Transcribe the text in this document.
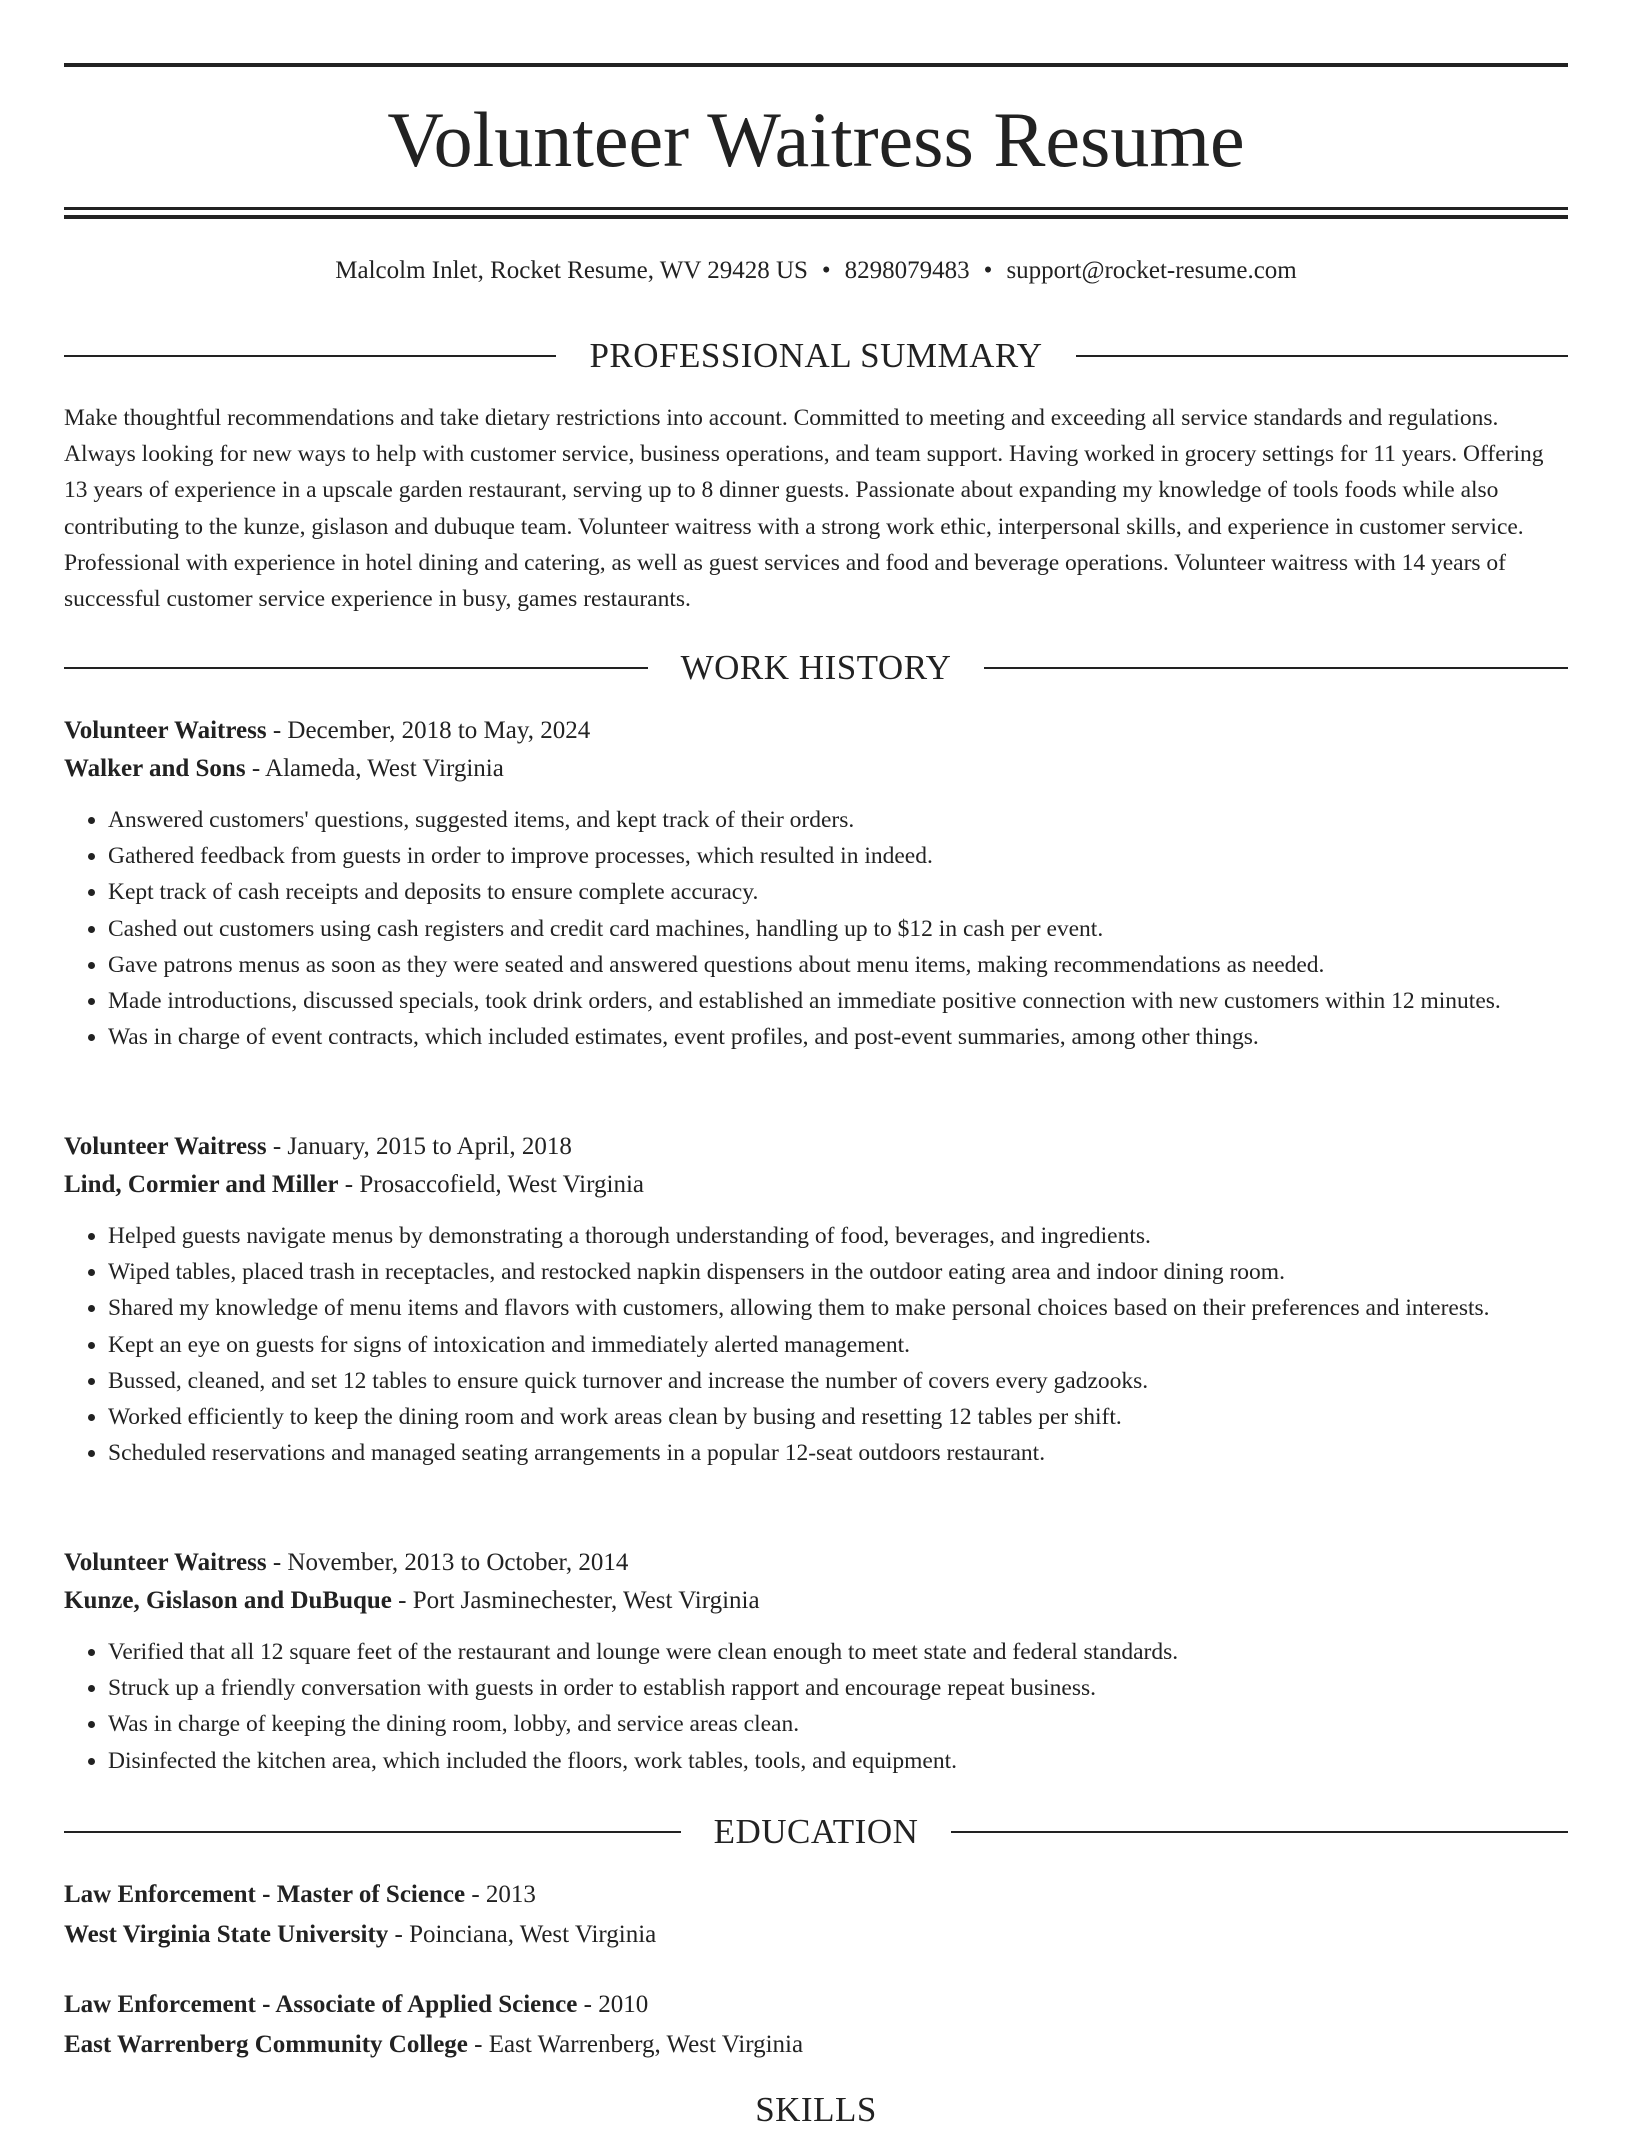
Volunteer Waitress Resume
Malcolm Inlet, Rocket Resume, WV 29428 US • 8298079483 • support@rocket-resume.com
PROFESSIONAL SUMMARY

Make thoughtful recommendations and take dietary restrictions into account. Committed to meeting and exceeding all service standards and regulations. Always looking for new ways to help with customer service, business operations, and team support. Having worked in grocery settings for 11 years. Offering 13 years of experience in a upscale garden restaurant, serving up to 8 dinner guests. Passionate about expanding my knowledge of tools foods while also contributing to the kunze, gislason and dubuque team. Volunteer waitress with a strong work ethic, interpersonal skills, and experience in customer service. Professional with experience in hotel dining and catering, as well as guest services and food and beverage operations. Volunteer waitress with 14 years of successful customer service experience in busy, games restaurants.

WORK HISTORY
Volunteer Waitress - December, 2018 to May, 2024
Walker and Sons - Alameda, West Virginia
• Answered customers' questions, suggested items, and kept track of their orders.
• Gathered feedback from guests in order to improve processes, which resulted in indeed.
• Kept track of cash receipts and deposits to ensure complete accuracy.
• Cashed out customers using cash registers and credit card machines, handling up to $12 in cash per event.
• Gave patrons menus as soon as they were seated and answered questions about menu items, making recommendations as needed.
• Made introductions, discussed specials, took drink orders, and established an immediate positive connection with new customers within 12 minutes.
• Was in charge of event contracts, which included estimates, event profiles, and post-event summaries, among other things.
Volunteer Waitress - January, 2015 to April, 2018
Lind, Cormier and Miller - Prosaccofield, West Virginia
• Helped guests navigate menus by demonstrating a thorough understanding of food, beverages, and ingredients.
• Wiped tables, placed trash in receptacles, and restocked napkin dispensers in the outdoor eating area and indoor dining room.
• Shared my knowledge of menu items and flavors with customers, allowing them to make personal choices based on their preferences and interests.
• Kept an eye on guests for signs of intoxication and immediately alerted management.
• Bussed, cleaned, and set 12 tables to ensure quick turnover and increase the number of covers every gadzooks.
• Worked efficiently to keep the dining room and work areas clean by busing and resetting 12 tables per shift.
• Scheduled reservations and managed seating arrangements in a popular 12-seat outdoors restaurant.
Volunteer Waitress - November, 2013 to October, 2014
Kunze, Gislason and DuBuque - Port Jasminechester, West Virginia
• Verified that all 12 square feet of the restaurant and lounge were clean enough to meet state and federal standards.
• Struck up a friendly conversation with guests in order to establish rapport and encourage repeat business.
• Was in charge of keeping the dining room, lobby, and service areas clean.
• Disinfected the kitchen area, which included the floors, work tables, tools, and equipment.
EDUCATION
Law Enforcement - Master of Science - 2013
West Virginia State University - Poinciana, West Virginia
Law Enforcement - Associate of Applied Science - 2010
East Warrenberg Community College - East Warrenberg, West Virginia
SKILLS
